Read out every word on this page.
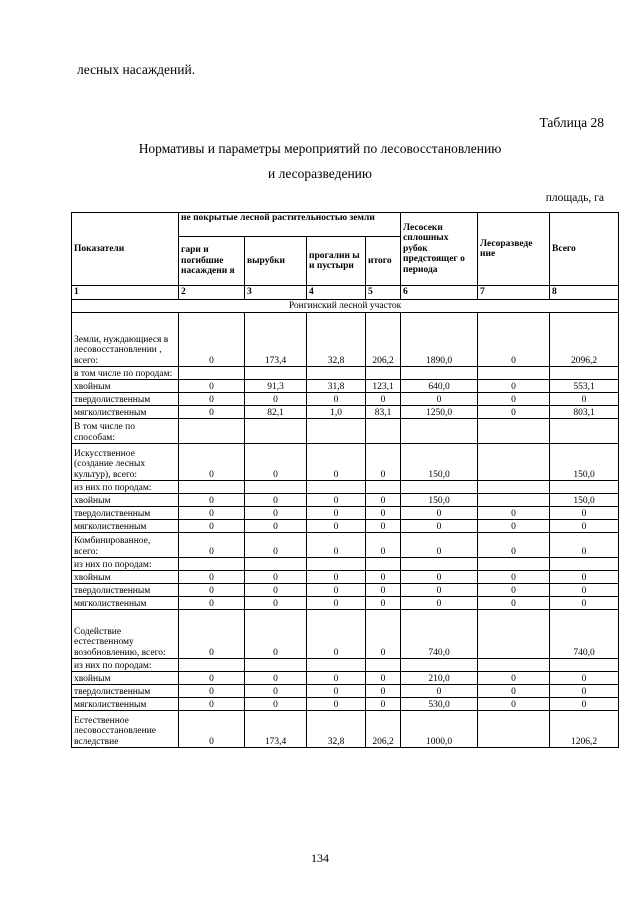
лесных насаждений.
Таблица 28
Нормативы и параметры мероприятий по лесовосстановлению
и лесоразведению
площадь, га
Показатели	не покрытые лесной растительностью земли				Лесосеки сплошных рубок предстоящег о периода	Лесоразведе ние	Всего
	гари и погибшие насаждени я	вырубки	прогалин ы и пустыри	итого			
1	2	3	4	5	6	7	8
Ронгинский лесной участок							
Земли, нуждающиеся в лесовосстановлении , всего:	0	173,4	32,8	206,2	1890,0	0	2096,2
в том числе по породам:							
хвойным	0	91,3	31,8	123,1	640,0	0	553,1
твердолиственным	0	0	0	0	0	0	0
мягколиственным	0	82,1	1,0	83,1	1250,0	0	803,1
В том числе по способам:							
Искусственное (создание лесных культур), всего:	0	0	0	0	150,0		150,0
из них по породам:							
хвойным	0	0	0	0	150,0		150,0
твердолиственным	0	0	0	0	0	0	0
мягколиственным	0	0	0	0	0	0	0
Комбинированное, всего:	0	0	0	0	0	0	0
из них по породам:							
хвойным	0	0	0	0	0	0	0
твердолиственным	0	0	0	0	0	0	0
мягколиственным	0	0	0	0	0	0	0
Содействие естественному возобновлению, всего:	0	0	0	0	740,0		740,0
из них по породам:							
хвойным	0	0	0	0	210,0	0	0
твердолиственным	0	0	0	0	0	0	0
мягколиственным	0	0	0	0	530,0	0	0
Естественное лесовосстановление вследствие	0	173,4	32,8	206,2	1000,0		1206,2
134
